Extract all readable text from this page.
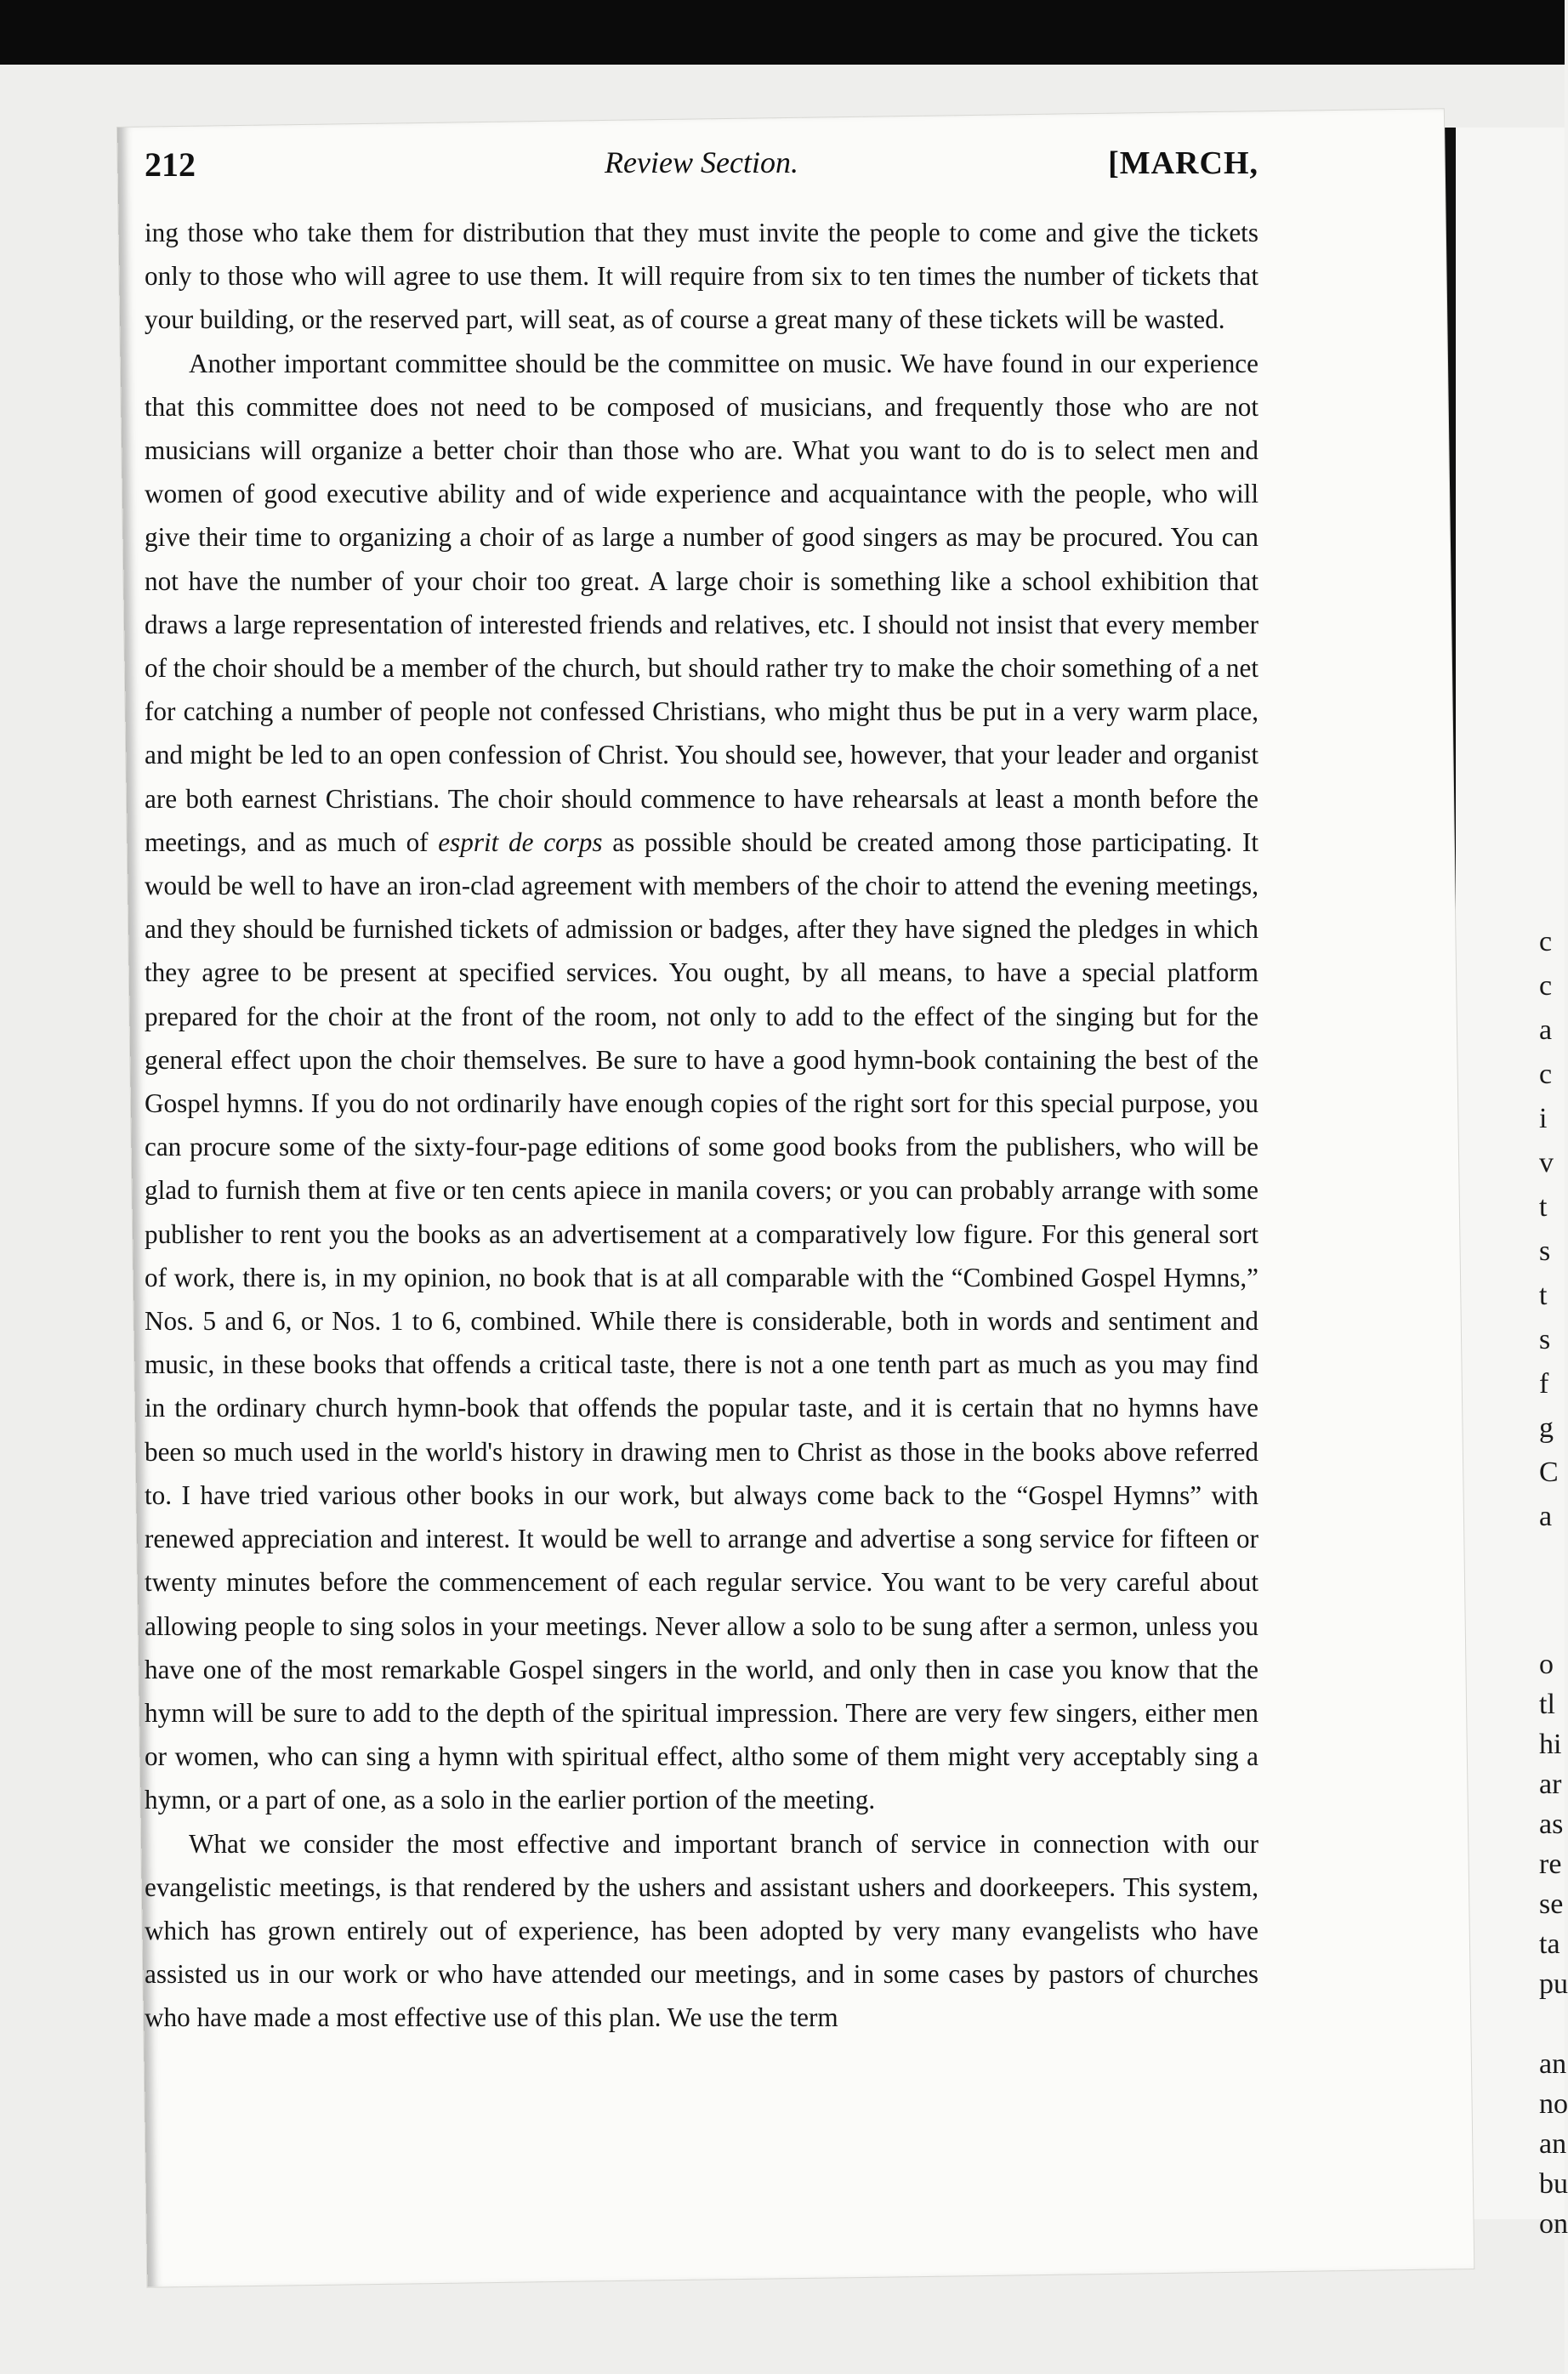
c
c
a
c
i
v
t
s
t
s
f
g
C
a
o
tl
hi
ar
as
re
se
ta
pu
an
no
an
bu
on
212	Review Section.	[MARCH,

ing those who take them for distribution that they must invite the people to come and give the tickets only to those who will agree to use them. It will require from six to ten times the number of tickets that your building, or the reserved part, will seat, as of course a great many of these tickets will be wasted.

Another important committee should be the committee on music. We have found in our experience that this committee does not need to be composed of musicians, and frequently those who are not musicians will organize a better choir than those who are. What you want to do is to select men and women of good executive ability and of wide experience and acquaintance with the people, who will give their time to organizing a choir of as large a number of good singers as may be procured. You can not have the number of your choir too great. A large choir is something like a school exhibition that draws a large representation of interested friends and relatives, etc. I should not insist that every member of the choir should be a member of the church, but should rather try to make the choir something of a net for catching a number of people not confessed Christians, who might thus be put in a very warm place, and might be led to an open confession of Christ. You should see, however, that your leader and organist are both earnest Christians. The choir should commence to have rehearsals at least a month before the meetings, and as much of esprit de corps as possible should be created among those participating. It would be well to have an iron-clad agreement with members of the choir to attend the evening meetings, and they should be furnished tickets of admission or badges, after they have signed the pledges in which they agree to be present at specified services. You ought, by all means, to have a special platform prepared for the choir at the front of the room, not only to add to the effect of the singing but for the general effect upon the choir themselves. Be sure to have a good hymn-book containing the best of the Gospel hymns. If you do not ordinarily have enough copies of the right sort for this special purpose, you can procure some of the sixty-four-page editions of some good books from the publishers, who will be glad to furnish them at five or ten cents apiece in manila covers; or you can probably arrange with some publisher to rent you the books as an advertisement at a comparatively low figure. For this general sort of work, there is, in my opinion, no book that is at all comparable with the “Combined Gospel Hymns,” Nos. 5 and 6, or Nos. 1 to 6, combined. While there is considerable, both in words and sentiment and music, in these books that offends a critical taste, there is not a one tenth part as much as you may find in the ordinary church hymn-book that offends the popular taste, and it is certain that no hymns have been so much used in the world's history in drawing men to Christ as those in the books above referred to. I have tried various other books in our work, but always come back to the “Gospel Hymns” with renewed appreciation and interest. It would be well to arrange and advertise a song service for fifteen or twenty minutes before the commencement of each regular service. You want to be very careful about allowing people to sing solos in your meetings. Never allow a solo to be sung after a sermon, unless you have one of the most remarkable Gospel singers in the world, and only then in case you know that the hymn will be sure to add to the depth of the spiritual impression. There are very few singers, either men or women, who can sing a hymn with spiritual effect, altho some of them might very acceptably sing a hymn, or a part of one, as a solo in the earlier portion of the meeting.

What we consider the most effective and important branch of service in connection with our evangelistic meetings, is that rendered by the ushers and assistant ushers and doorkeepers. This system, which has grown entirely out of experience, has been adopted by very many evangelists who have assisted us in our work or who have attended our meetings, and in some cases by pastors of churches who have made a most effective use of this plan. We use the term
